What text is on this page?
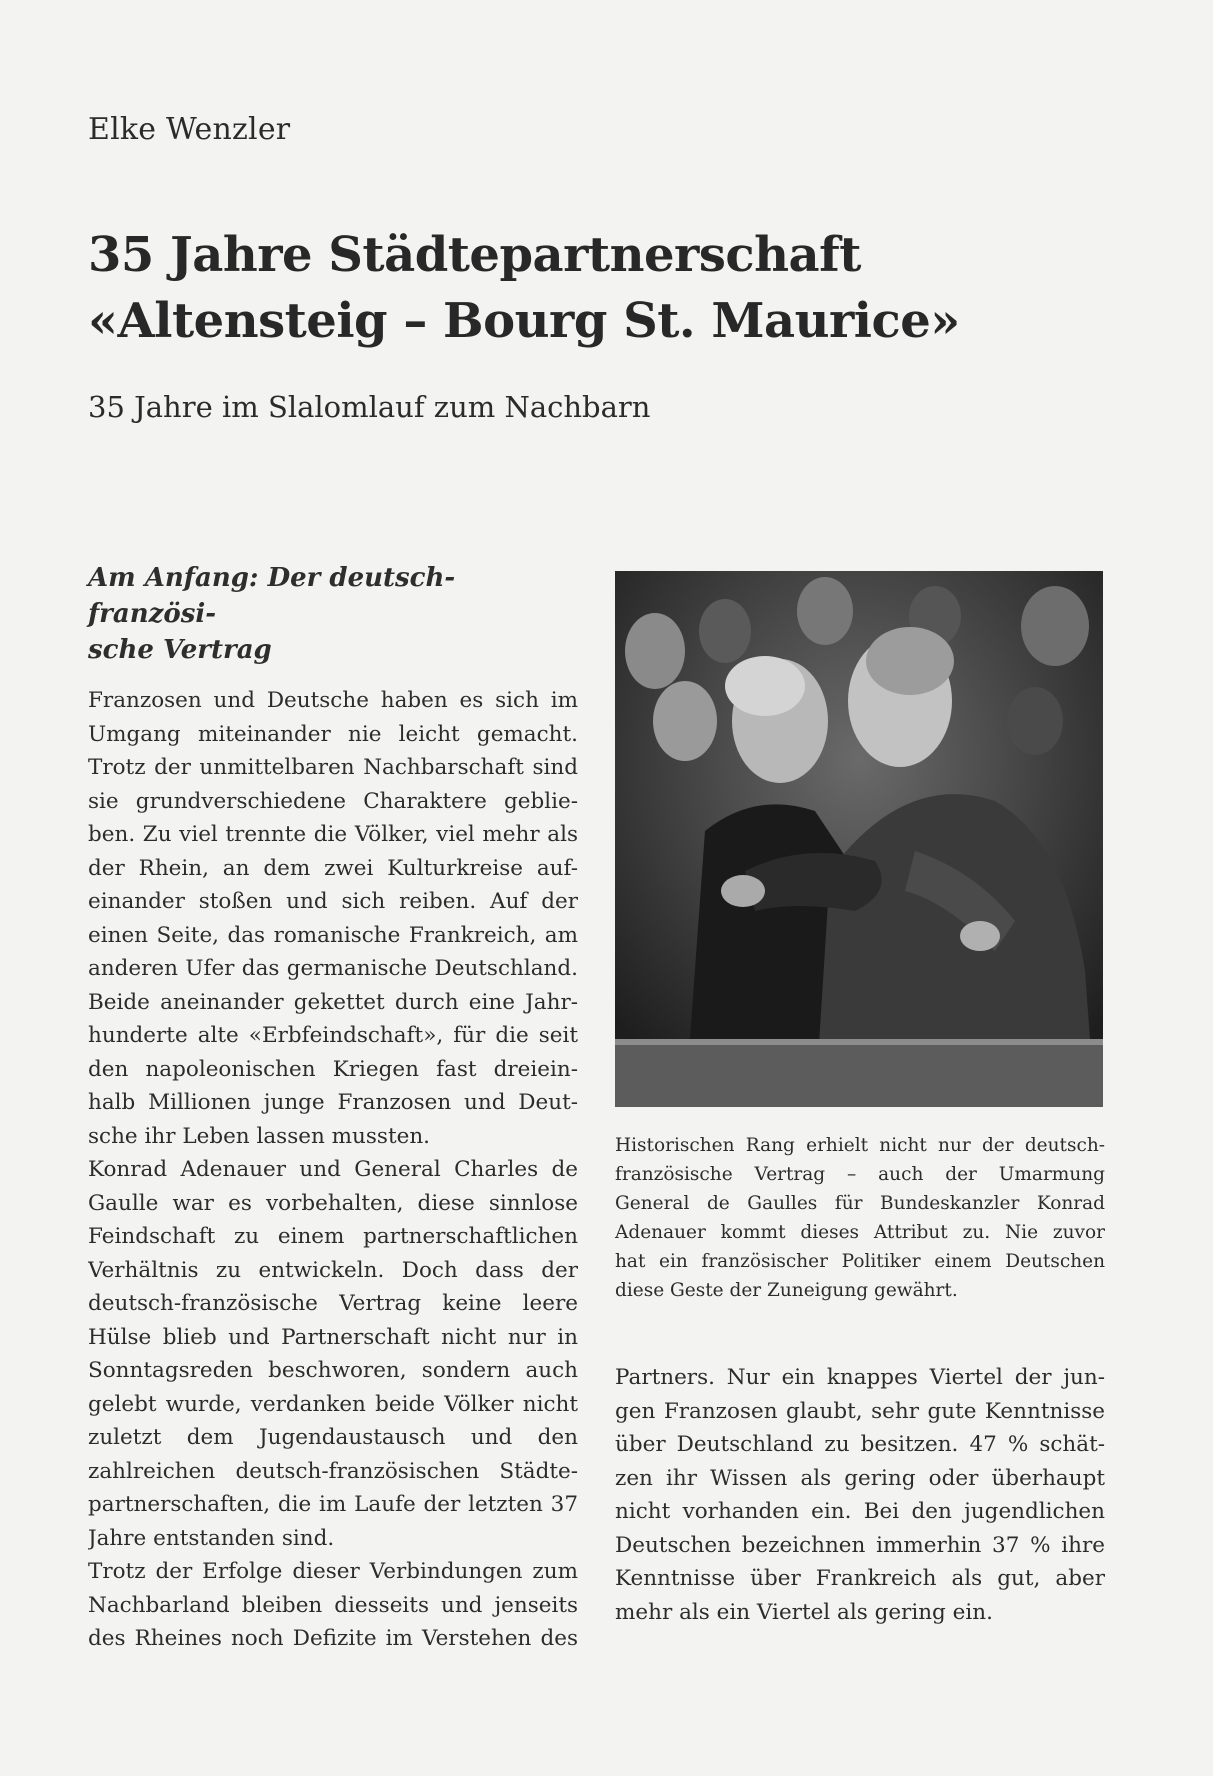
Elke Wenzler
35 Jahre Städtepartnerschaft
«Altensteig – Bourg St. Maurice»
35 Jahre im Slalomlauf zum Nachbarn
Am Anfang: Der deutsch-französi-
sche Vertrag
Franzosen und Deutsche haben es sich im
Umgang miteinander nie leicht gemacht.
Trotz der unmittelbaren Nachbarschaft sind
sie grundverschiedene Charaktere geblie-
ben. Zu viel trennte die Völker, viel mehr als
der Rhein, an dem zwei Kulturkreise auf-
einander stoßen und sich reiben. Auf der
einen Seite, das romanische Frankreich, am
anderen Ufer das germanische Deutschland.
Beide aneinander gekettet durch eine Jahr-
hunderte alte «Erbfeindschaft», für die seit
den napoleonischen Kriegen fast dreiein-
halb Millionen junge Franzosen und Deut-
sche ihr Leben lassen mussten.
Konrad Adenauer und General Charles de
Gaulle war es vorbehalten, diese sinnlose
Feindschaft zu einem partnerschaftlichen
Verhältnis zu entwickeln. Doch dass der
deutsch-französische Vertrag keine leere
Hülse blieb und Partnerschaft nicht nur in
Sonntagsreden beschworen, sondern auch
gelebt wurde, verdanken beide Völker nicht
zuletzt dem Jugendaustausch und den
zahlreichen deutsch-französischen Städte-
partnerschaften, die im Laufe der letzten 37
Jahre entstanden sind.
Trotz der Erfolge dieser Verbindungen zum
Nachbarland bleiben diesseits und jenseits
des Rheines noch Defizite im Verstehen des
Historischen Rang erhielt nicht nur der deutsch-
französische Vertrag – auch der Umarmung
General de Gaulles für Bundeskanzler Konrad
Adenauer kommt dieses Attribut zu. Nie zuvor
hat ein französischer Politiker einem Deutschen
diese Geste der Zuneigung gewährt.
Partners. Nur ein knappes Viertel der jun-
gen Franzosen glaubt, sehr gute Kenntnisse
über Deutschland zu besitzen. 47 % schät-
zen ihr Wissen als gering oder überhaupt
nicht vorhanden ein. Bei den jugendlichen
Deutschen bezeichnen immerhin 37 % ihre
Kenntnisse über Frankreich als gut, aber
mehr als ein Viertel als gering ein.
